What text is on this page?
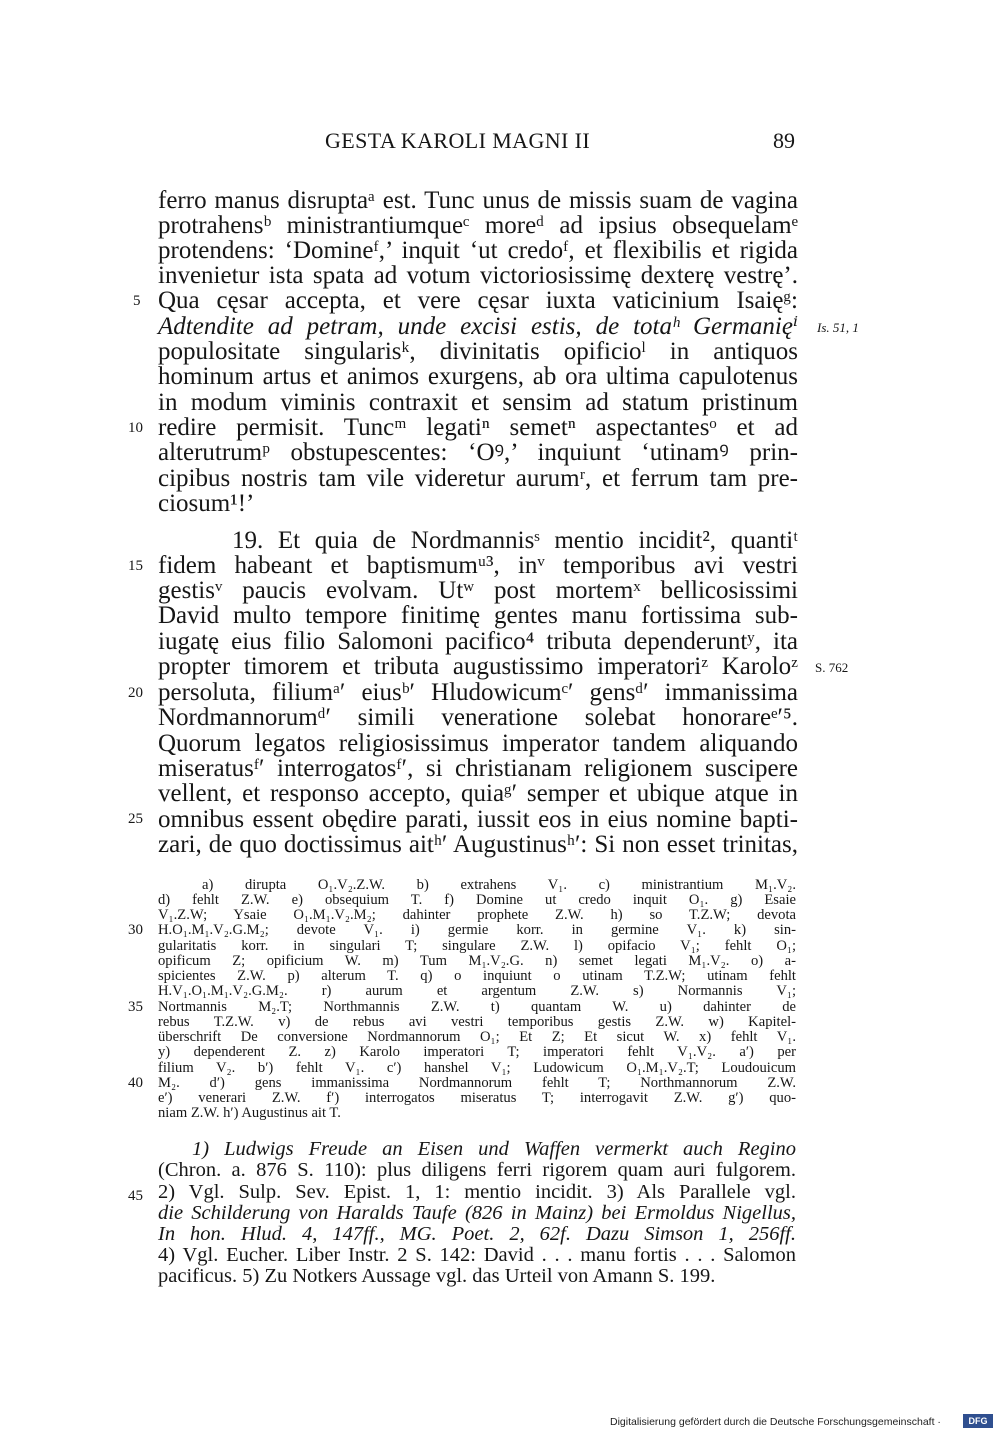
GESTA KAROLI MAGNI II	89
ferro manus disruptaᵃ est. Tunc unus de missis suam de vagina
protrahensᵇ ministrantiumqueᶜ moreᵈ ad ipsius obsequelamᵉ
protendens: ‘Domineᶠ,’ inquit ‘ut credoᶠ, et flexibilis et rigida
invenietur ista spata ad votum victoriosissimę dexterę vestrę’.
Qua cęsar accepta, et vere cęsar iuxta vaticinium Isaięᵍ:
Adtendite ad petram, unde excisi estis, de totaʰ Germanięⁱ
populositate singularisᵏ, divinitatis opificioˡ in antiquos
hominum artus et animos exurgens, ab ora ultima capulotenus
in modum viminis contraxit et sensim ad statum pristinum
redire permisit. Tuncᵐ legatiⁿ semetⁿ aspectantesᵒ et ad
alterutrumᵖ obstupescentes: ‘Oꝰ,’ inquiunt ‘utinamꝰ prin-
cipibus nostris tam vile videretur aurumʳ, et ferrum tam pre-
ciosum¹!’
19. Et quia de Nordmannisˢ mentio incidit², quantiᵗ
fidem habeant et baptismumᵘ³, inᵛ temporibus avi vestri
gestisᵛ paucis evolvam. Utʷ post mortemˣ bellicosissimi
David multo tempore finitimę gentes manu fortissima sub-
iugatę eius filio Salomoni pacifico⁴ tributa dependeruntʸ, ita
propter timorem et tributa augustissimo imperatoriᶻ Karoloᶻ
persoluta, filiumᵃ′ eiusᵇ′ Hludowicumᶜ′ gensᵈ′ immanissima
Nordmannorumᵈ′ simili veneratione solebat honorareᵉ′⁵.
Quorum legatos religiosissimus imperator tandem aliquando
miseratusᶠ′ interrogatosᶠ′, si christianam religionem suscipere
vellent, et responso accepto, quiaᵍ′ semper et ubique atque in
omnibus essent obędire parati, iussit eos in eius nomine bapti-
zari, de quo doctissimus aitʰ′ Augustinusʰ′: Si non esset trinitas,
5
10
15
20
25
30
35
40
45
Is. 51, 1
S. 762
a) dirupta O₁.V₂.Z.W. b) extrahens V₁. c) ministrantium M₁.V₂.
d) fehlt Z.W. e) obsequium T. f) Domine ut credo inquit O₁. g) Esaie
V₁.Z.W; Ysaie O₁.M₁.V₂.M₂; dahinter prophete Z.W. h) so T.Z.W; devota
H.O₁.M₁.V₂.G.M₂; devote V₁. i) germie korr. in germine V₁. k) sin-
gularitatis korr. in singulari T; singulare Z.W. l) opifacio V₁; fehlt O₁;
opificum Z; opificium W. m) Tum M₁.V₂.G. n) semet legati M₁.V₂. o) a-
spicientes Z.W. p) alterum T. q) o inquiunt o utinam T.Z.W; utinam fehlt
H.V₁.O₁.M₁.V₂.G.M₂. r) aurum et argentum Z.W. s) Normannis V₁;
Nortmannis M₂.T; Northmannis Z.W. t) quantam W. u) dahinter de
rebus T.Z.W. v) de rebus avi vestri temporibus gestis Z.W. w) Kapitel-
überschrift De conversione Nordmannorum O₁; Et Z; Et sicut W. x) fehlt V₁.
y) dependerent Z. z) Karolo imperatori T; imperatori fehlt V₁.V₂. a′) per
filium V₂. b′) fehlt V₁. c′) hanshel V₁; Ludowicum O₁.M₁.V₂.T; Loudouicum
M₂. d′) gens immanissima Nordmannorum fehlt T; Northmannorum Z.W.
e′) venerari Z.W. f′) interrogatos miseratus T; interrogavit Z.W. g′) quo-
niam Z.W. h′) Augustinus ait T.
1) Ludwigs Freude an Eisen und Waffen vermerkt auch Regino
(Chron. a. 876 S. 110): plus diligens ferri rigorem quam auri fulgorem.
2) Vgl. Sulp. Sev. Epist. 1, 1: mentio incidit. 3) Als Parallele vgl.
die Schilderung von Haralds Taufe (826 in Mainz) bei Ermoldus Nigellus,
In hon. Hlud. 4, 147ff., MG. Poet. 2, 62f. Dazu Simson 1, 256ff.
4) Vgl. Eucher. Liber Instr. 2 S. 142: David . . . manu fortis . . . Salomon
pacificus. 5) Zu Notkers Aussage vgl. das Urteil von Amann S. 199.
Digitalisierung gefördert durch die Deutsche Forschungsgemeinschaft ·	DFG
